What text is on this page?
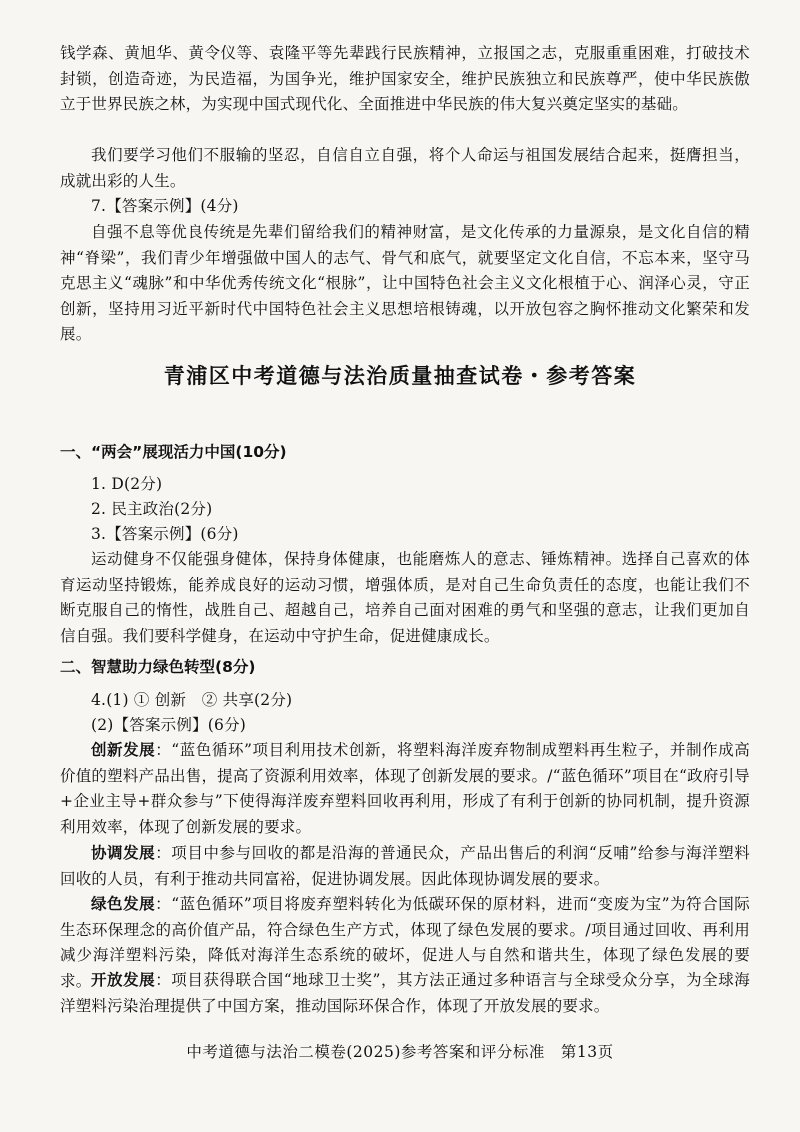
钱学森、黄旭华、黄令仪等、袁隆平等先辈践行民族精神，立报国之志，克服重重困难，打破技术封锁，创造奇迹，为民造福，为国争光，维护国家安全，维护民族独立和民族尊严，使中华民族傲立于世界民族之林，为实现中国式现代化、全面推进中华民族的伟大复兴奠定坚实的基础。

我们要学习他们不服输的坚忍，自信自立自强，将个人命运与祖国发展结合起来，挺膺担当，成就出彩的人生。

7.【答案示例】(4分)

自强不息等优良传统是先辈们留给我们的精神财富，是文化传承的力量源泉，是文化自信的精神“脊梁”，我们青少年增强做中国人的志气、骨气和底气，就要坚定文化自信，不忘本来，坚守马克思主义“魂脉”和中华优秀传统文化“根脉”，让中国特色社会主义文化根植于心、润泽心灵，守正创新，坚持用习近平新时代中国特色社会主义思想培根铸魂，以开放包容之胸怀推动文化繁荣和发展。

青浦区中考道德与法治质量抽查试卷・参考答案

一、“两会”展现活力中国(10分)

1. D(2分)

2. 民主政治(2分)

3.【答案示例】(6分)

运动健身不仅能强身健体，保持身体健康，也能磨炼人的意志、锤炼精神。选择自己喜欢的体育运动坚持锻炼，能养成良好的运动习惯，增强体质，是对自己生命负责任的态度，也能让我们不断克服自己的惰性，战胜自己、超越自己，培养自己面对困难的勇气和坚强的意志，让我们更加自信自强。我们要科学健身，在运动中守护生命，促进健康成长。

二、智慧助力绿色转型(8分)

4.(1) ① 创新　② 共享(2分)

(2)【答案示例】(6分)

创新发展：“蓝色循环”项目利用技术创新，将塑料海洋废弃物制成塑料再生粒子，并制作成高价值的塑料产品出售，提高了资源利用效率，体现了创新发展的要求。/“蓝色循环”项目在“政府引导+企业主导+群众参与”下使得海洋废弃塑料回收再利用，形成了有利于创新的协同机制，提升资源利用效率，体现了创新发展的要求。

协调发展：项目中参与回收的都是沿海的普通民众，产品出售后的利润“反哺”给参与海洋塑料回收的人员，有利于推动共同富裕，促进协调发展。因此体现协调发展的要求。

绿色发展：“蓝色循环”项目将废弃塑料转化为低碳环保的原材料，进而“变废为宝”为符合国际生态环保理念的高价值产品，符合绿色生产方式，体现了绿色发展的要求。/项目通过回收、再利用减少海洋塑料污染，降低对海洋生态系统的破坏，促进人与自然和谐共生，体现了绿色发展的要求。 开放发展：项目获得联合国“地球卫士奖”，其方法正通过多种语言与全球受众分享，为全球海洋塑料污染治理提供了中国方案，推动国际环保合作，体现了开放发展的要求。

中考道德与法治二模卷(2025)参考答案和评分标准　第13页
